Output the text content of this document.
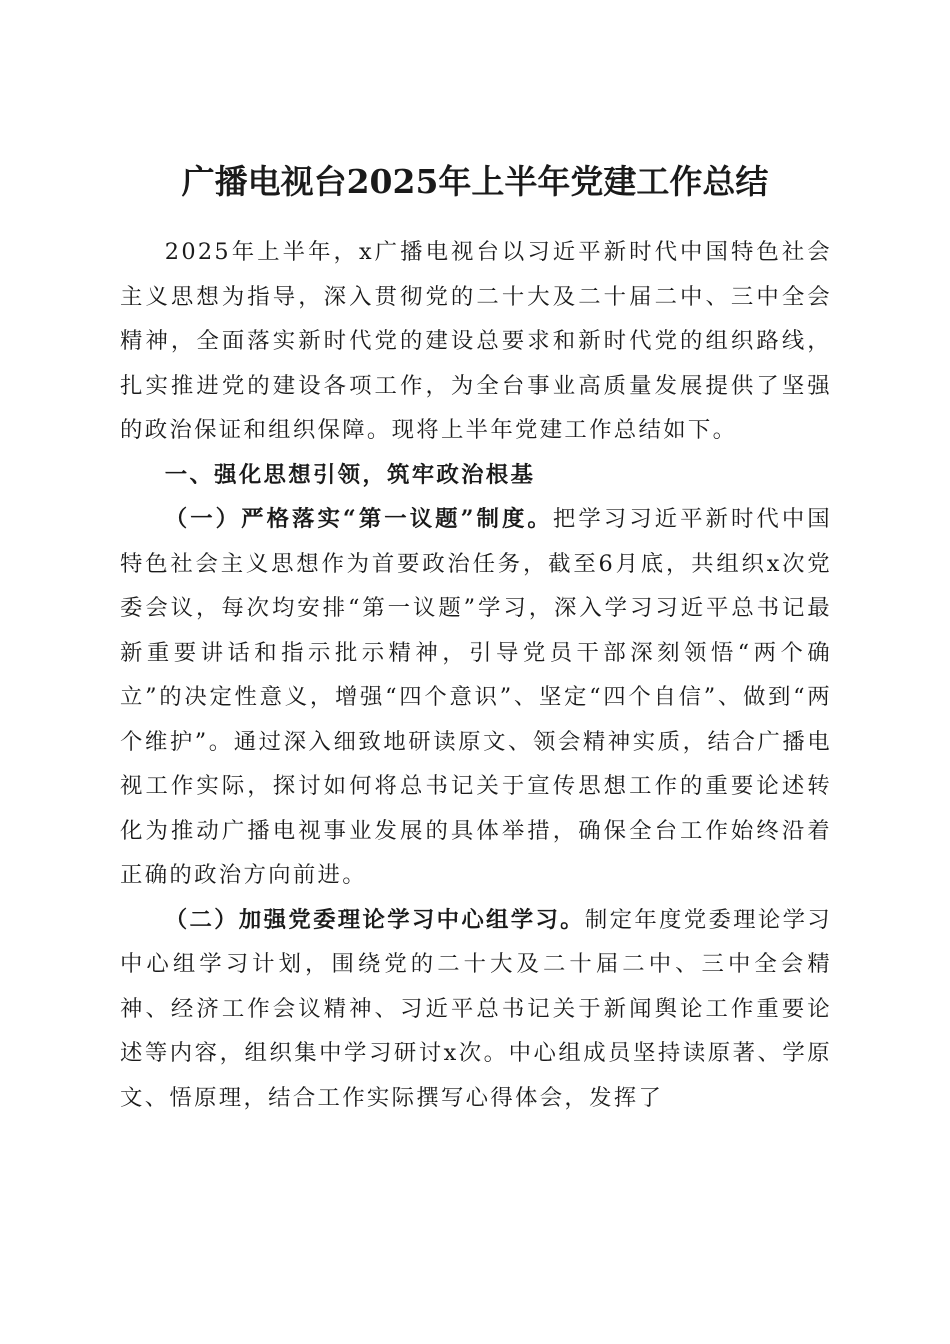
广播电视台2025年上半年党建工作总结

2025年上半年，x广播电视台以习近平新时代中国特色社会主义思想为指导，深入贯彻党的二十大及二十届二中、三中全会精神，全面落实新时代党的建设总要求和新时代党的组织路线，扎实推进党的建设各项工作，为全台事业高质量发展提供了坚强的政治保证和组织保障。现将上半年党建工作总结如下。

一、强化思想引领，筑牢政治根基

（一）严格落实“第一议题”制度。把学习习近平新时代中国特色社会主义思想作为首要政治任务，截至6月底，共组织x次党委会议，每次均安排“第一议题”学习，深入学习习近平总书记最新重要讲话和指示批示精神，引导党员干部深刻领悟“两个确立”的决定性意义，增强“四个意识”、坚定“四个自信”、做到“两个维护”。通过深入细致地研读原文、领会精神实质，结合广播电视工作实际，探讨如何将总书记关于宣传思想工作的重要论述转化为推动广播电视事业发展的具体举措，确保全台工作始终沿着正确的政治方向前进。

（二）加强党委理论学习中心组学习。制定年度党委理论学习中心组学习计划，围绕党的二十大及二十届二中、三中全会精神、经济工作会议精神、习近平总书记关于新闻舆论工作重要论述等内容，组织集中学习研讨x次。中心组成员坚持读原著、学原文、悟原理，结合工作实际撰写心得体会，发挥了
